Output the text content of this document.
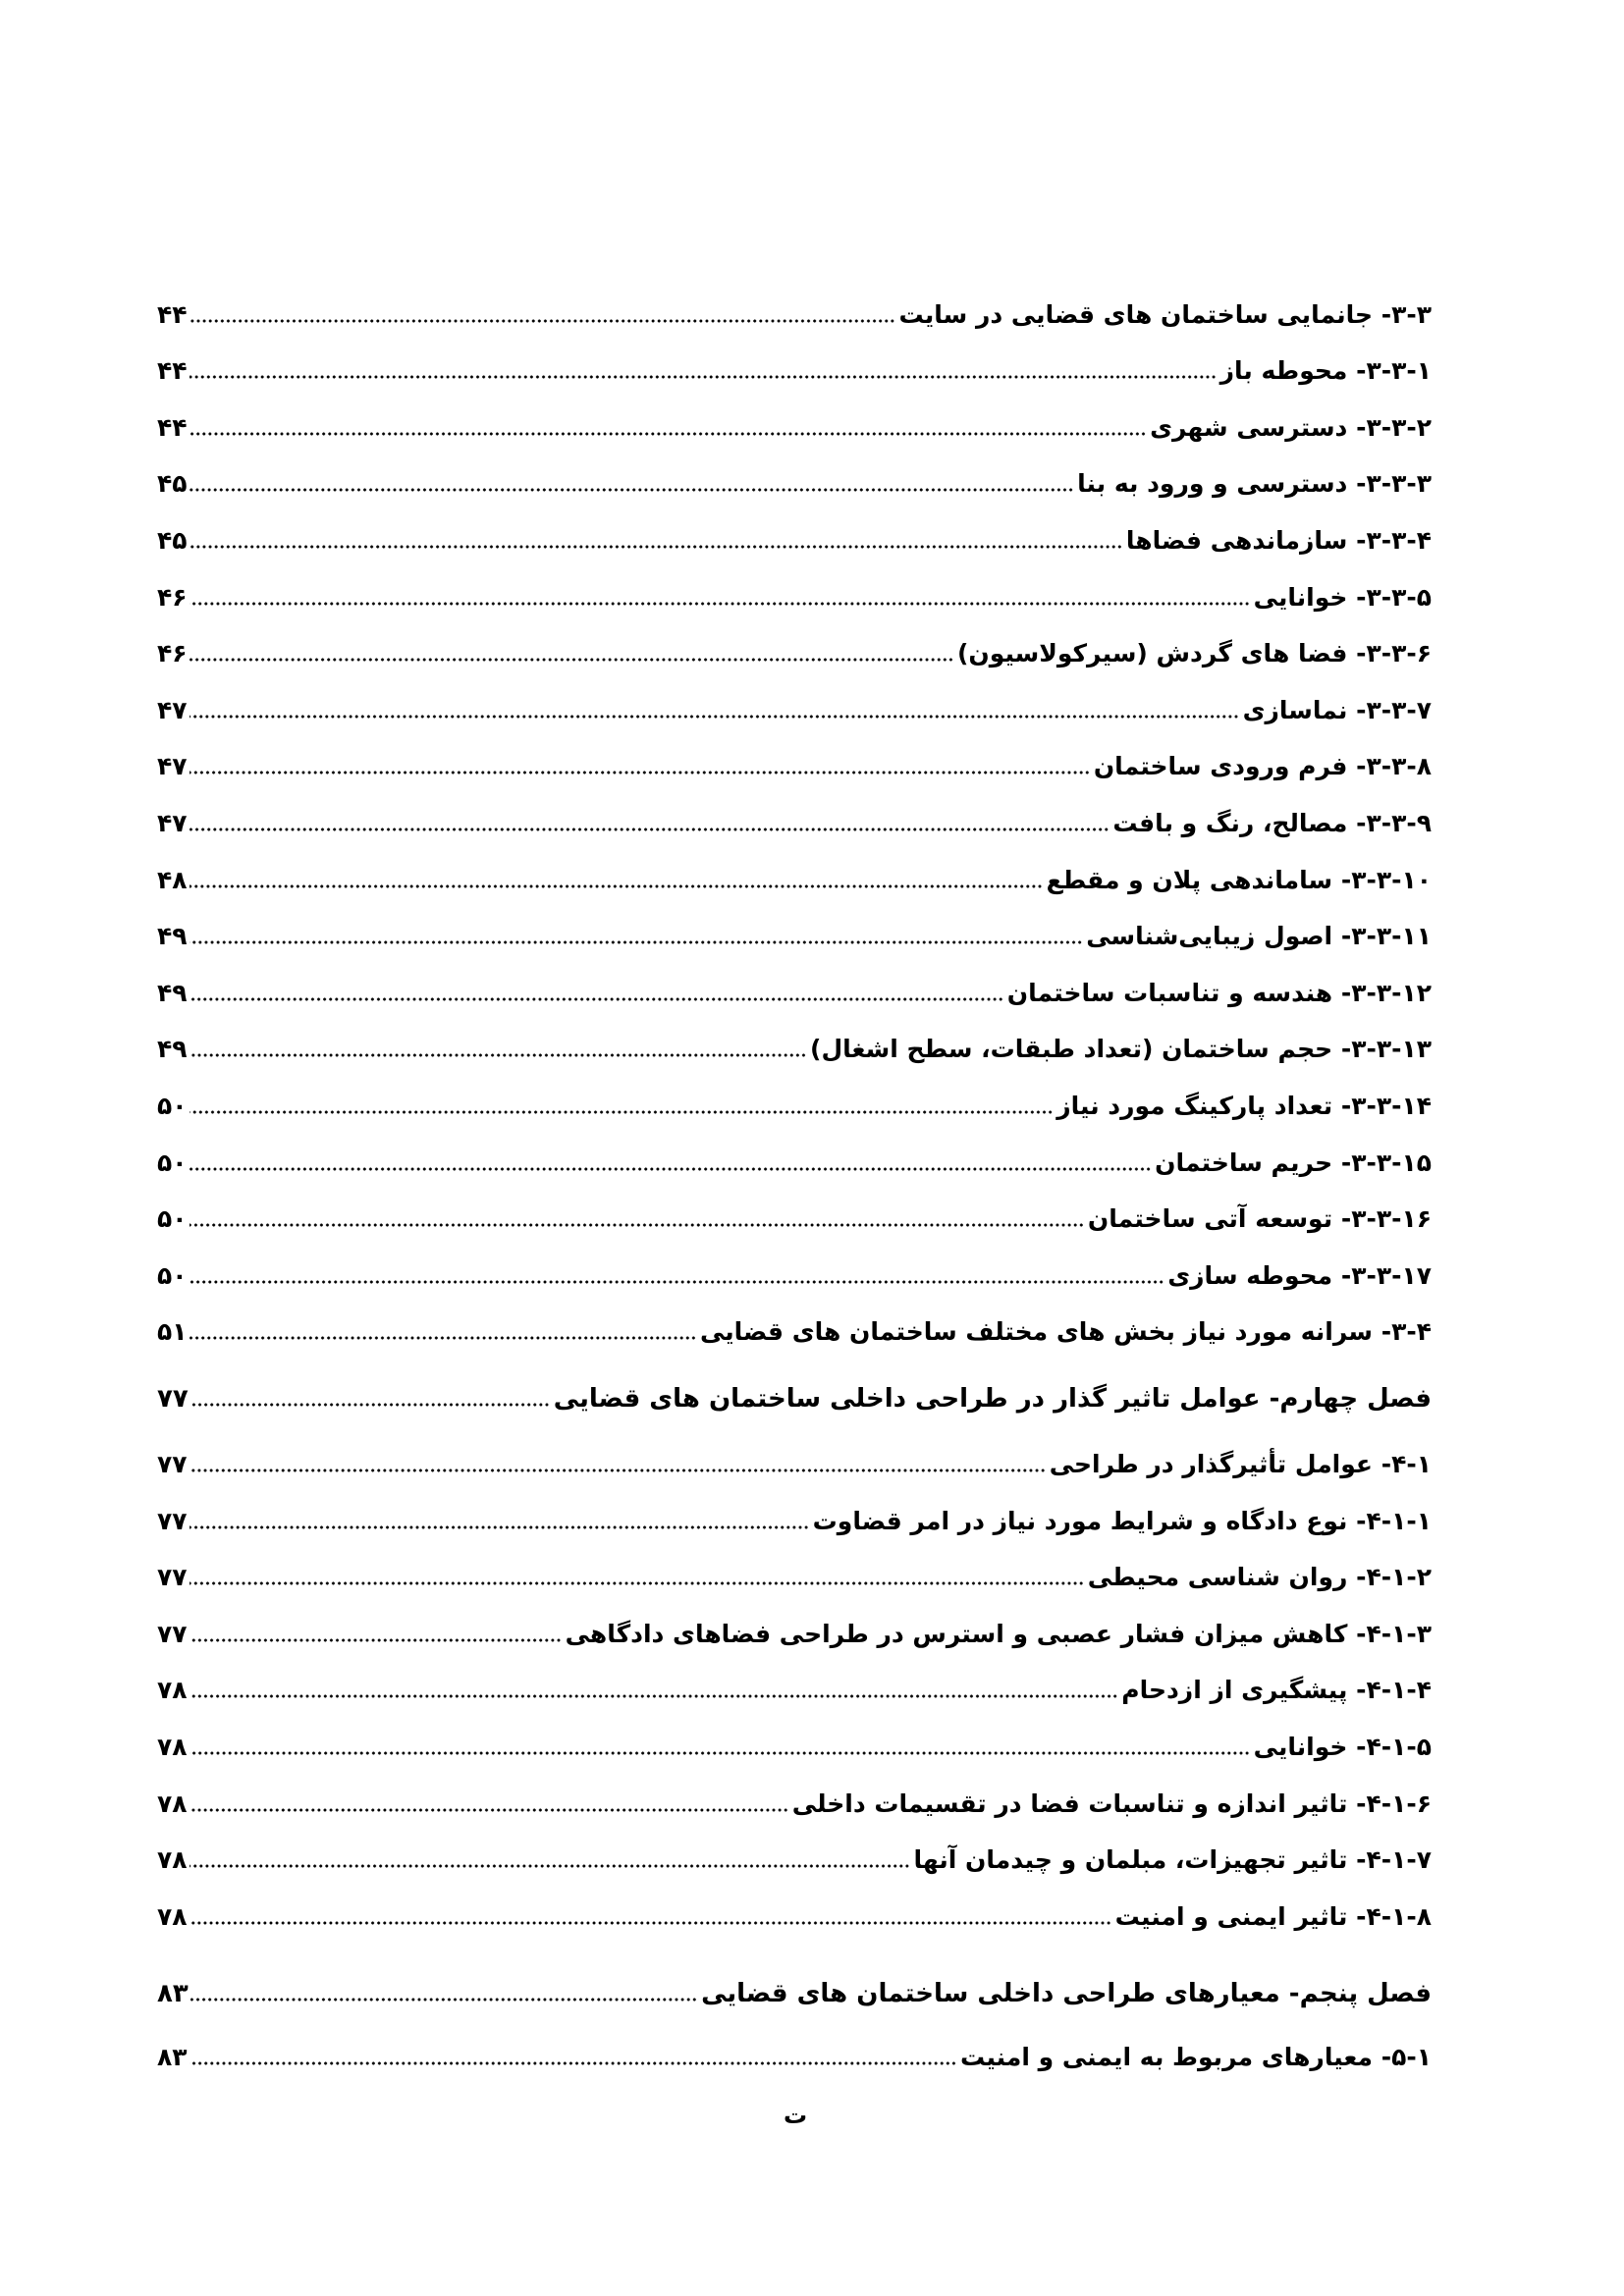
۴۴	۳-۳- جانمایی ساختمان های قضایی در سایت
۴۴	۳-۳-۱- محوطه باز
۴۴	۳-۳-۲- دسترسی شهری
۴۵	۳-۳-۳- دسترسی و ورود به بنا
۴۵	۳-۳-۴- سازماندهی فضاها
۴۶	۳-۳-۵- خوانایی
۴۶	۳-۳-۶- فضا های گردش (سیرکولاسیون)
۴۷	۳-۳-۷- نماسازی
۴۷	۳-۳-۸- فرم ورودی ساختمان
۴۷	۳-۳-۹- مصالح، رنگ و بافت
۴۸	۳-۳-۱۰- ساماندهی پلان و مقطع
۴۹	۳-۳-۱۱- اصول زیبایی‌شناسی
۴۹	۳-۳-۱۲- هندسه و تناسبات ساختمان
۴۹	۳-۳-۱۳- حجم ساختمان (تعداد طبقات، سطح اشغال)
۵۰	۳-۳-۱۴- تعداد پارکینگ مورد نیاز
۵۰	۳-۳-۱۵- حریم ساختمان
۵۰	۳-۳-۱۶- توسعه آتی ساختمان
۵۰	۳-۳-۱۷- محوطه سازی
۵۱	۳-۴- سرانه مورد نیاز بخش های مختلف ساختمان های قضایی
۷۷	فصل چهارم- عوامل تاثیر گذار در طراحی داخلی ساختمان های قضایی
۷۷	۴-۱- عوامل تأثیرگذار در طراحی
۷۷	۴-۱-۱- نوع دادگاه و شرایط مورد نیاز در امر قضاوت
۷۷	۴-۱-۲- روان شناسی محیطی
۷۷	۴-۱-۳- کاهش میزان فشار عصبی و استرس در طراحی فضاهای دادگاهی
۷۸	۴-۱-۴- پیشگیری از ازدحام
۷۸	۴-۱-۵- خوانایی
۷۸	۴-۱-۶- تاثیر اندازه و تناسبات فضا در تقسیمات داخلی
۷۸	۴-۱-۷- تاثیر تجهیزات، مبلمان و چیدمان آنها
۷۸	۴-۱-۸- تاثیر ایمنی و امنیت
۸۳	فصل پنجم- معیارهای طراحی داخلی ساختمان های قضایی
۸۳	۵-۱- معیارهای مربوط به ایمنی و امنیت
ت
